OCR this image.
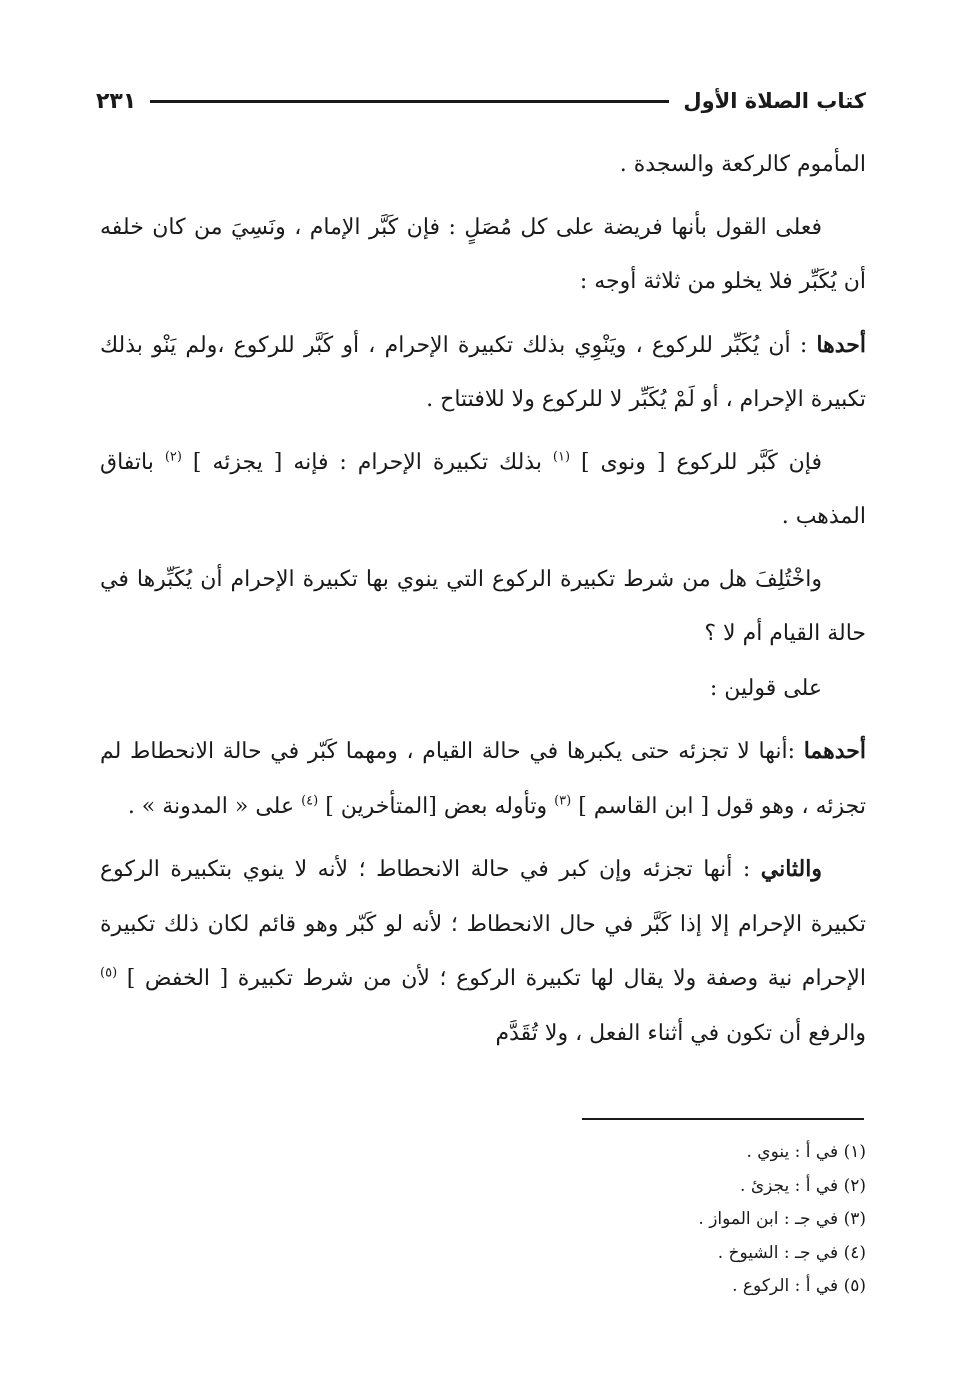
كتاب الصلاة الأول
٢٣١

المأموم كالركعة والسجدة .

فعلى القول بأنها فريضة على كل مُصَلٍ : فإن كَبَّر الإمام ، ونَسِيَ من كان خلفه أن يُكَبِّر فلا يخلو من ثلاثة أوجه :

أحدها : أن يُكَبِّر للركوع ، ويَنْوِي بذلك تكبيرة الإحرام ، أو كَبَّر للركوع ،ولم يَنْو بذلك تكبيرة الإحرام ، أو لَمْ يُكَبِّر لا للركوع ولا للافتتاح .

فإن كَبَّر للركوع [ ونوى ] $^{(١)}$ بذلك تكبيرة الإحرام : فإنه [ يجزئه ] $^{(٢)}$ باتفاق المذهب .

واخْتُلِفَ هل من شرط تكبيرة الركوع التي ينوي بها تكبيرة الإحرام أن يُكَبِّرها في حالة القيام أم لا ؟

على قولين :

أحدهما :أنها لا تجزئه حتى يكبرها في حالة القيام ، ومهما كَبّر في حالة الانحطاط لم تجزئه ، وهو قول [ ابن القاسم ] $^{(٣)}$ وتأوله بعض [المتأخرين ] $^{(٤)}$ على « المدونة » .

والثاني : أنها تجزئه وإن كبر في حالة الانحطاط ؛ لأنه لا ينوي بتكبيرة الركوع تكبيرة الإحرام إلا إذا كَبَّر في حال الانحطاط ؛ لأنه لو كَبّر وهو قائم لكان ذلك تكبيرة الإحرام نية وصفة ولا يقال لها تكبيرة الركوع ؛ لأن من شرط تكبيرة [ الخفض ] $^{(٥)}$ والرفع أن تكون في أثناء الفعل ، ولا تُقَدَّم

(١) في أ : ينوي .
(٢) في أ : يجزئ .
(٣) في جـ : ابن المواز .
(٤) في جـ : الشيوخ .
(٥) في أ : الركوع .
